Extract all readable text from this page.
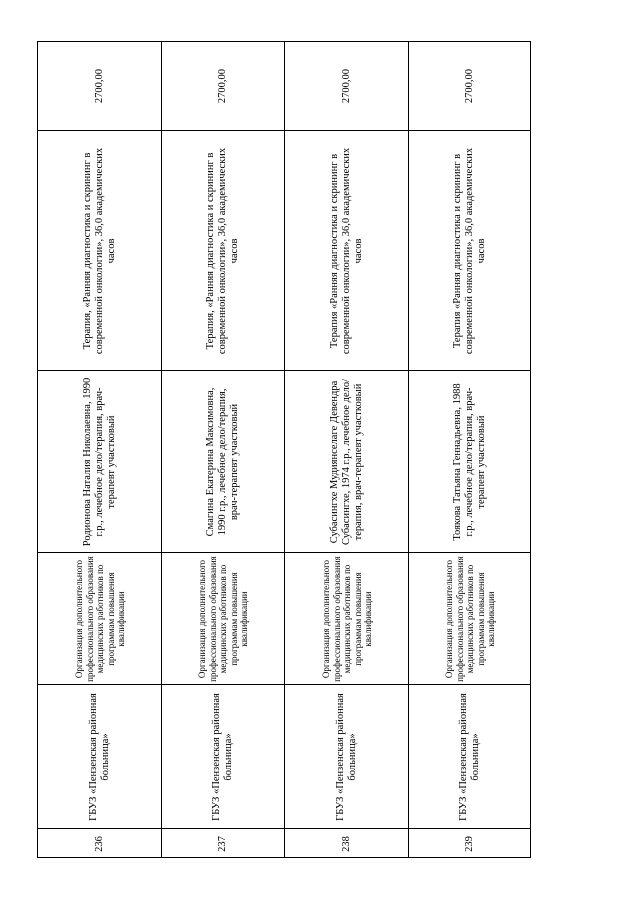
2700,00
Терапия, «Ранняя диагностика и скрининг в современной онкологии», 36,0 академических часов
Родионова Наталия Николаевна, 1990 г.р., лечебное дело/терапия, врач-терапевт участковый
Организация дополнительного профессионального образования медицинских работников по программам повышения квалификации
ГБУЗ «Пензенская районная больница»
236
2700,00
Терапия, «Ранняя диагностика и скрининг в современной онкологии», 36,0 академических часов
Смагина Екатерина Максимовна, 1990 г.р., лечебное дело/терапия, врач-терапевт участковый
Организация дополнительного профессионального образования медицинских работников по программам повышения квалификации
ГБУЗ «Пензенская районная больница»
237
2700,00
Терапия «Ранняя диагностика и скрининг в современной онкологии», 36,0 академических часов
Субасингхе Мудиянселаге Девендра Субасингхе, 1974 г.р., лечебное дело/терапия, врач-терапевт участковый
Организация дополнительного профессионального образования медицинских работников по программам повышения квалификации
ГБУЗ «Пензенская районная больница»
238
2700,00
Терапия «Ранняя диагностика и скрининг в современной онкологии», 36,0 академических часов
Тоякова Татьяна Геннадьевна, 1988 г.р., лечебное дело/терапия, врач-терапевт участковый
Организация дополнительного профессионального образования медицинских работников по программам повышения квалификации
ГБУЗ «Пензенская районная больница»
239
